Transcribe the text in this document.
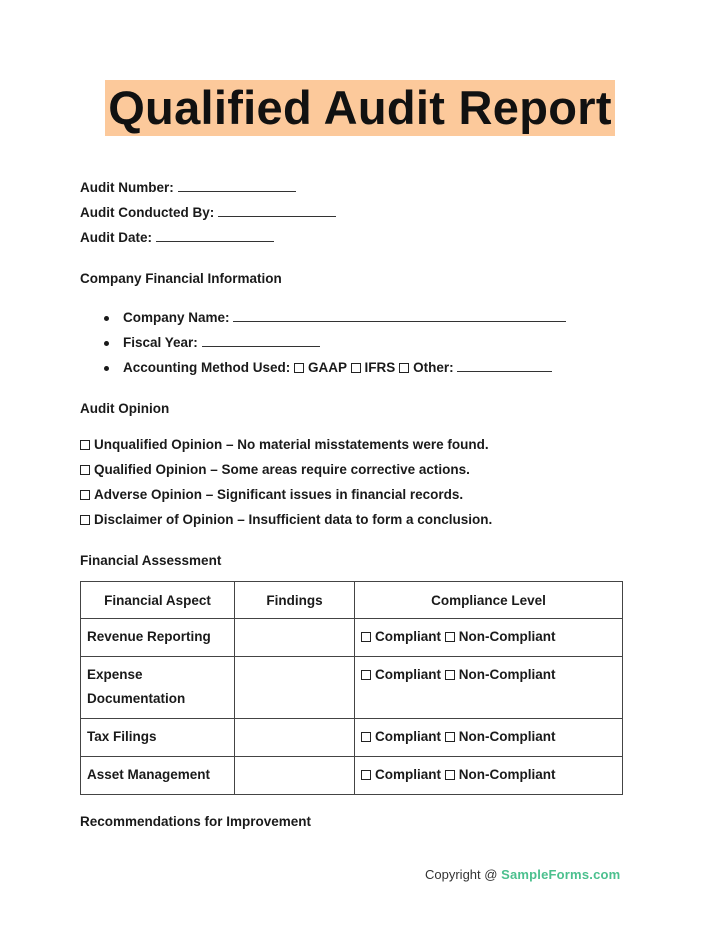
Qualified Audit Report
Audit Number:
Audit Conducted By:
Audit Date:
Company Financial Information
Company Name:
Fiscal Year:
Accounting Method Used: GAAP IFRS Other:
Audit Opinion
Unqualified Opinion – No material misstatements were found.
Qualified Opinion – Some areas require corrective actions.
Adverse Opinion – Significant issues in financial records.
Disclaimer of Opinion – Insufficient data to form a conclusion.
Financial Assessment
Financial Aspect	Findings	Compliance Level
Revenue Reporting		Compliant Non-Compliant
Expense Documentation		Compliant Non-Compliant
Tax Filings		Compliant Non-Compliant
Asset Management		Compliant Non-Compliant
Recommendations for Improvement
Copyright @ SampleForms.com
